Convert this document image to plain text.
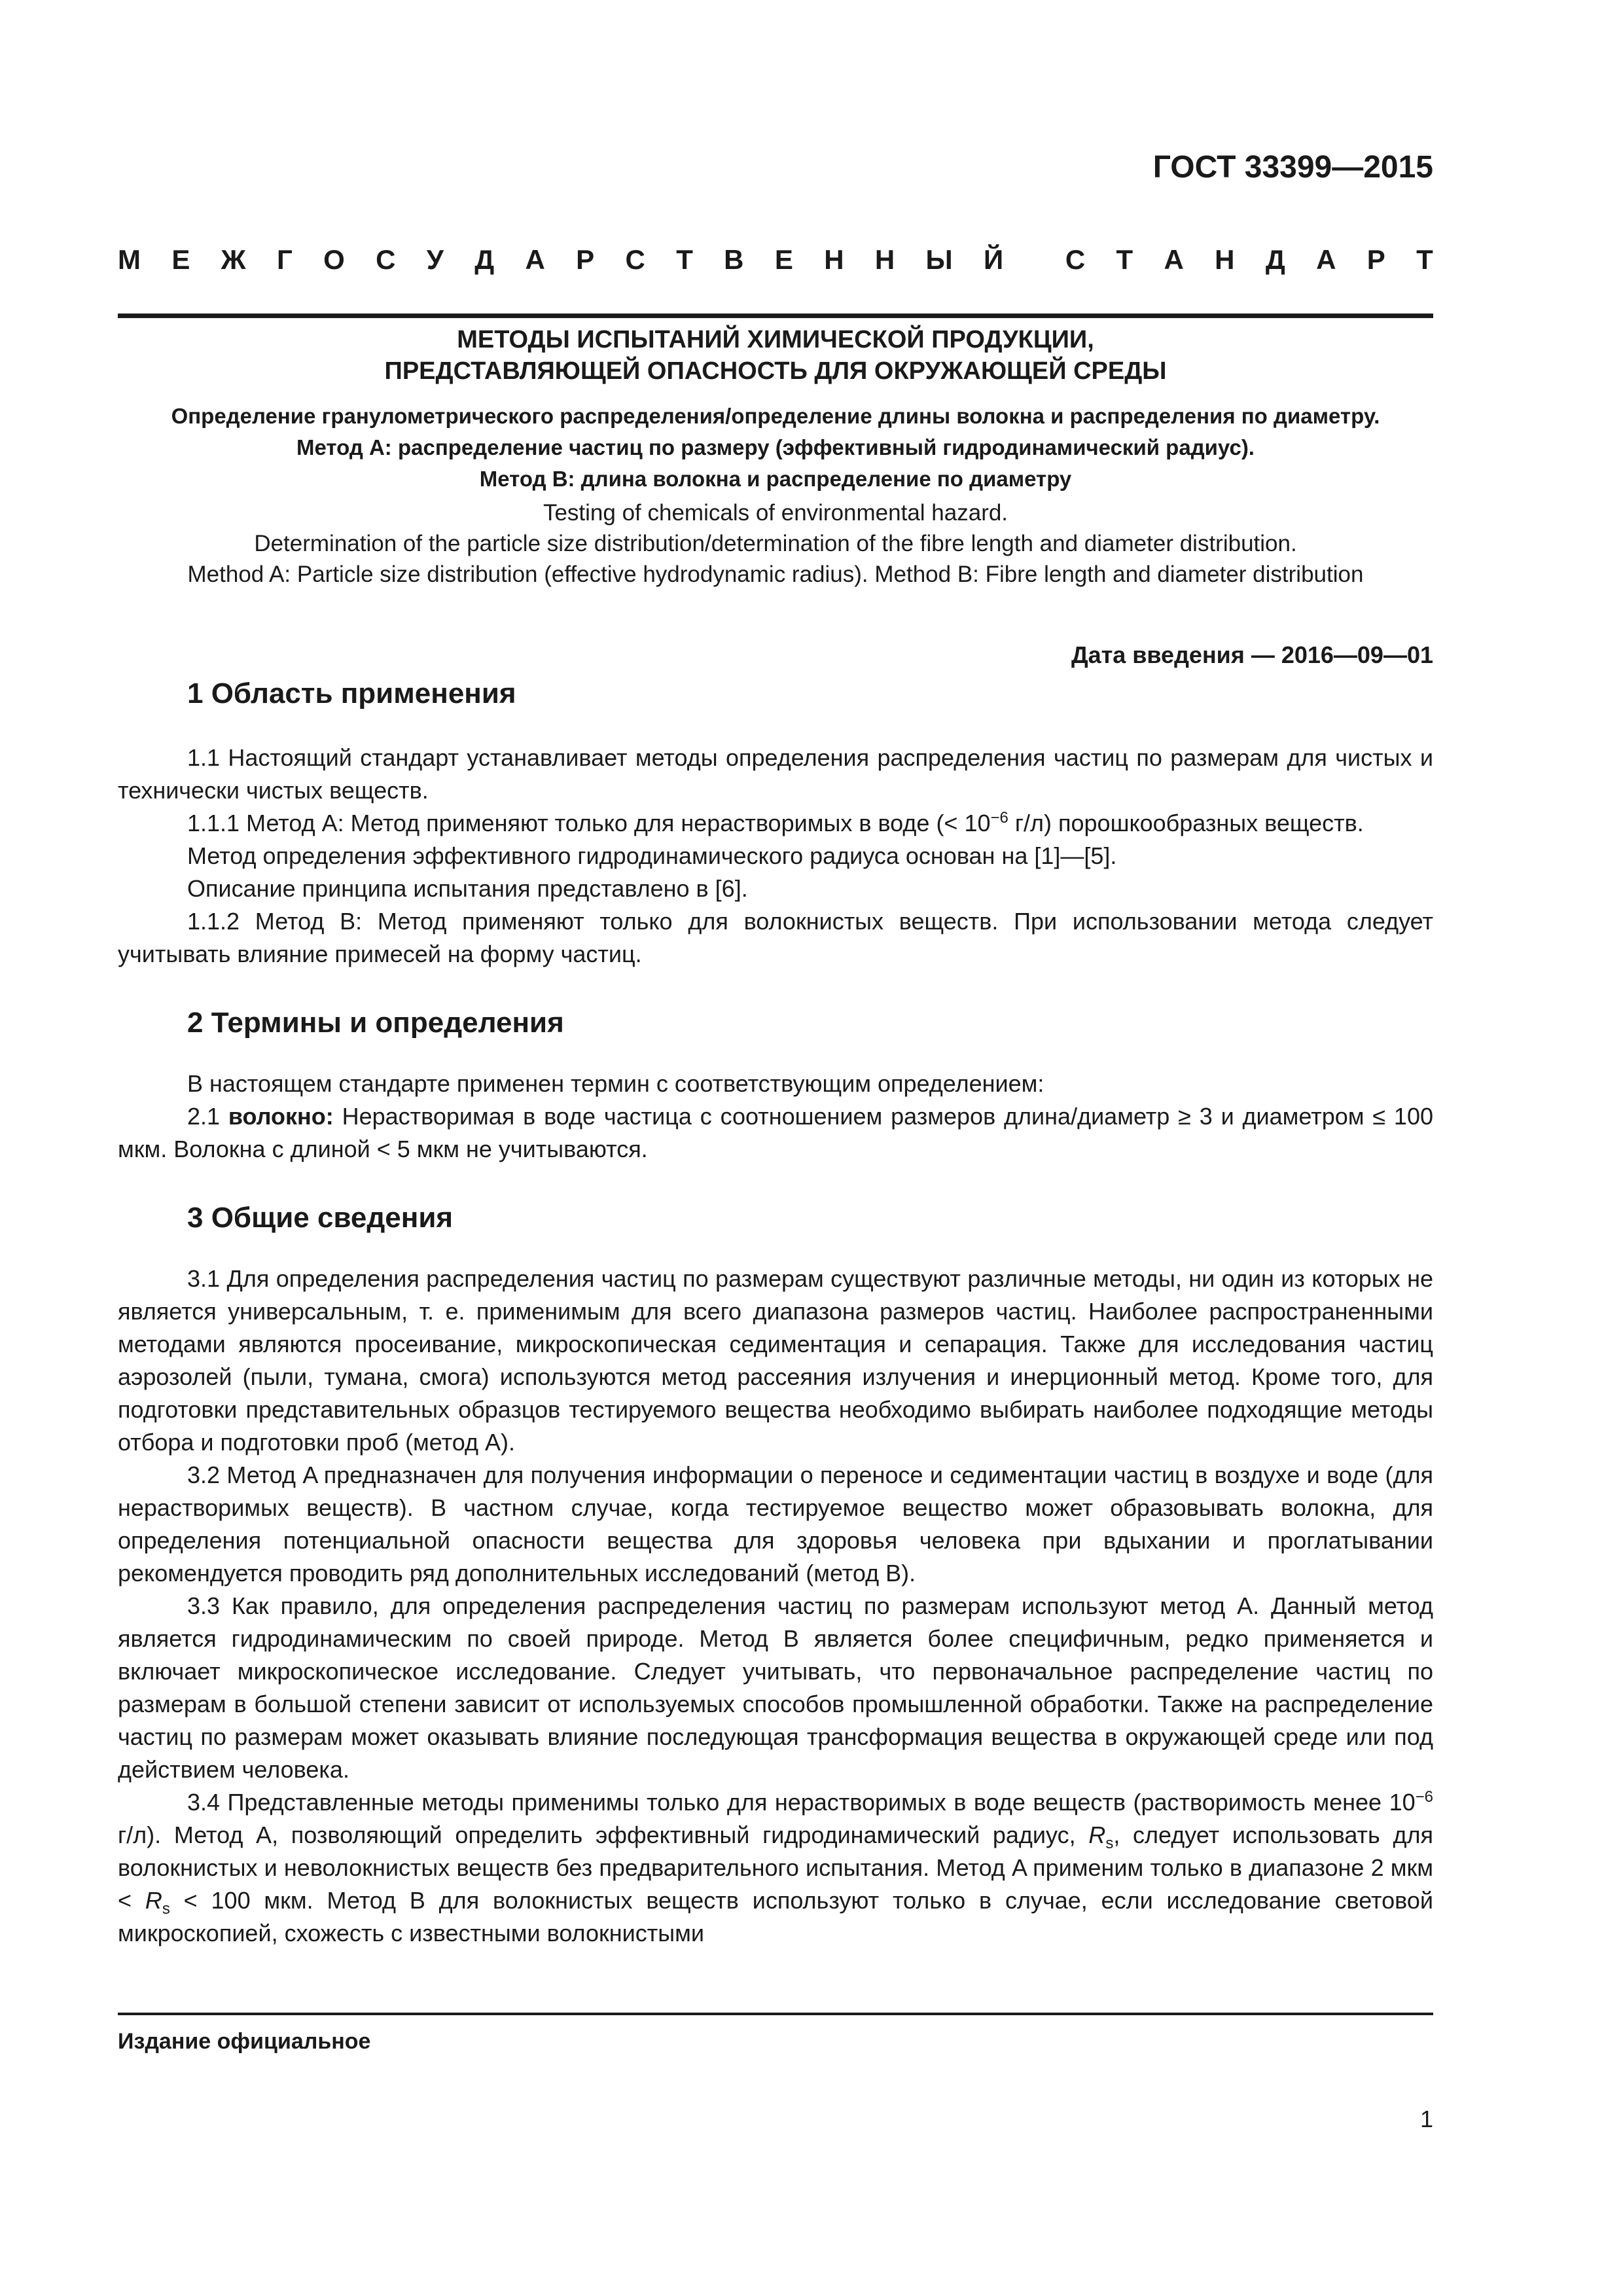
ГОСТ 33399—2015
М Е Ж Г О С У Д А Р С Т В Е Н Н Ы Й С Т А Н Д А Р Т
МЕТОДЫ ИСПЫТАНИЙ ХИМИЧЕСКОЙ ПРОДУКЦИИ,
ПРЕДСТАВЛЯЮЩЕЙ ОПАСНОСТЬ ДЛЯ ОКРУЖАЮЩЕЙ СРЕДЫ
Определение гранулометрического распределения/определение длины волокна и распределения по диаметру.
Метод A: распределение частиц по размеру (эффективный гидродинамический радиус).
Метод B: длина волокна и распределение по диаметру
Testing of chemicals of environmental hazard.
Determination of the particle size distribution/determination of the fibre length and diameter distribution.
Method A: Particle size distribution (effective hydrodynamic radius). Method B: Fibre length and diameter distribution
Дата введения — 2016—09—01
1 Область применения

1.1 Настоящий стандарт устанавливает методы определения распределения частиц по размерам для чистых и технически чистых веществ.

1.1.1 Метод A: Метод применяют только для нерастворимых в воде (< $10^{-6}$ г/л) порошкообразных веществ.

Метод определения эффективного гидродинамического радиуса основан на [1]—[5].

Описание принципа испытания представлено в [6].

1.1.2 Метод B: Метод применяют только для волокнистых веществ. При использовании метода следует учитывать влияние примесей на форму частиц.

2 Термины и определения

В настоящем стандарте применен термин с соответствующим определением:

2.1 волокно: Нерастворимая в воде частица с соотношением размеров длина/диаметр ≥ 3 и диаметром ≤ 100 мкм. Волокна с длиной < 5 мкм не учитываются.

3 Общие сведения

3.1 Для определения распределения частиц по размерам существуют различные методы, ни один из которых не является универсальным, т. е. применимым для всего диапазона размеров частиц. Наиболее распространенными методами являются просеивание, микроскопическая седиментация и сепарация. Также для исследования частиц аэрозолей (пыли, тумана, смога) используются метод рассеяния излучения и инерционный метод. Кроме того, для подготовки представительных образцов тестируемого вещества необходимо выбирать наиболее подходящие методы отбора и подготовки проб (метод A).

3.2 Метод A предназначен для получения информации о переносе и седиментации частиц в воздухе и воде (для нерастворимых веществ). В частном случае, когда тестируемое вещество может образовывать волокна, для определения потенциальной опасности вещества для здоровья человека при вдыхании и проглатывании рекомендуется проводить ряд дополнительных исследований (метод B).

3.3 Как правило, для определения распределения частиц по размерам используют метод A. Данный метод является гидродинамическим по своей природе. Метод B является более специфичным, редко применяется и включает микроскопическое исследование. Следует учитывать, что первоначальное распределение частиц по размерам в большой степени зависит от используемых способов промышленной обработки. Также на распределение частиц по размерам может оказывать влияние последующая трансформация вещества в окружающей среде или под действием человека.

3.4 Представленные методы применимы только для нерастворимых в воде веществ (растворимость менее $10^{-6}$ г/л). Метод A, позволяющий определить эффективный гидродинамический радиус, $R_s$, следует использовать для волокнистых и неволокнистых веществ без предварительного испытания. Метод A применим только в диапазоне 2 мкм < $R_s < 100$ мкм. Метод B для волокнистых веществ используют только в случае, если исследование световой микроскопией, схожесть с известными волокнистыми

Издание официальное
1
